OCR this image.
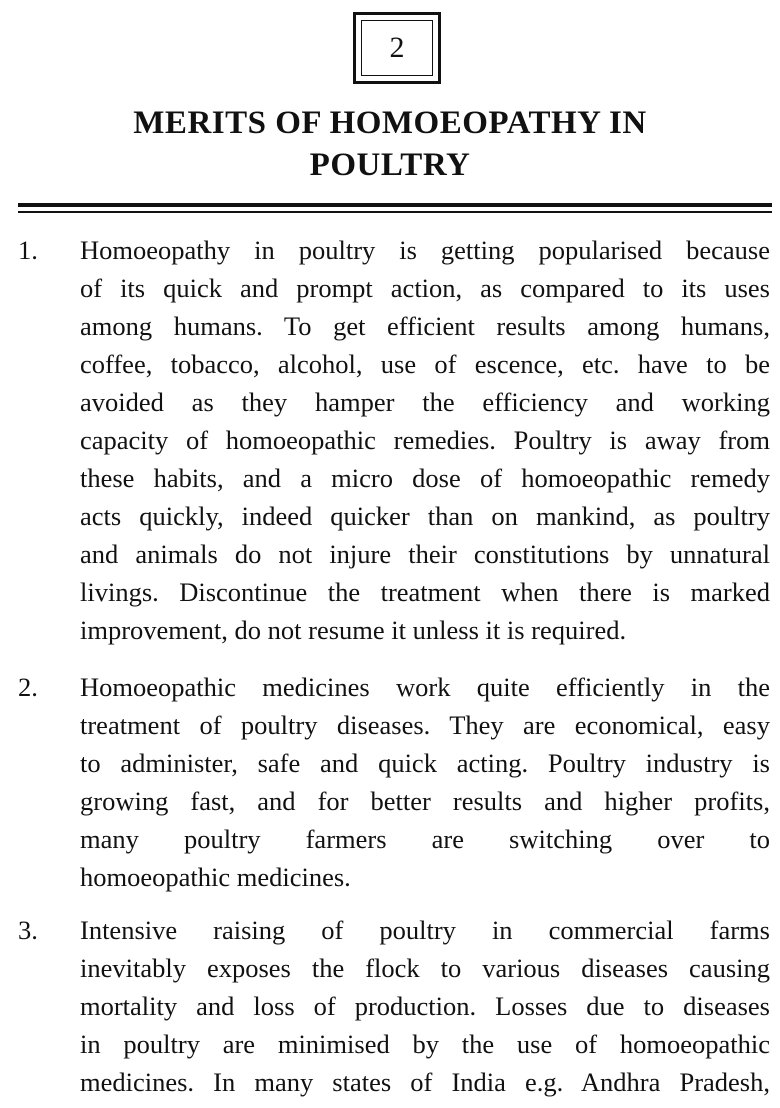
2
MERITS OF HOMOEOPATHY IN
POULTRY
1.	Homoeopathy in poultry is getting popularised because
of its quick and prompt action, as compared to its uses
among humans. To get efficient results among humans,
coffee, tobacco, alcohol, use of escence, etc. have to be
avoided as they hamper the efficiency and working
capacity of homoeopathic remedies. Poultry is away from
these habits, and a micro dose of homoeopathic remedy
acts quickly, indeed quicker than on mankind, as poultry
and animals do not injure their constitutions by unnatural
livings. Discontinue the treatment when there is marked
improvement, do not resume it unless it is required.
2.	Homoeopathic medicines work quite efficiently in the
treatment of poultry diseases. They are economical, easy
to administer, safe and quick acting. Poultry industry is
growing fast, and for better results and higher profits,
many poultry farmers are switching over to
homoeopathic medicines.
3.	Intensive raising of poultry in commercial farms
inevitably exposes the flock to various diseases causing
mortality and loss of production. Losses due to diseases
in poultry are minimised by the use of homoeopathic
medicines. In many states of India e.g. Andhra Pradesh,
